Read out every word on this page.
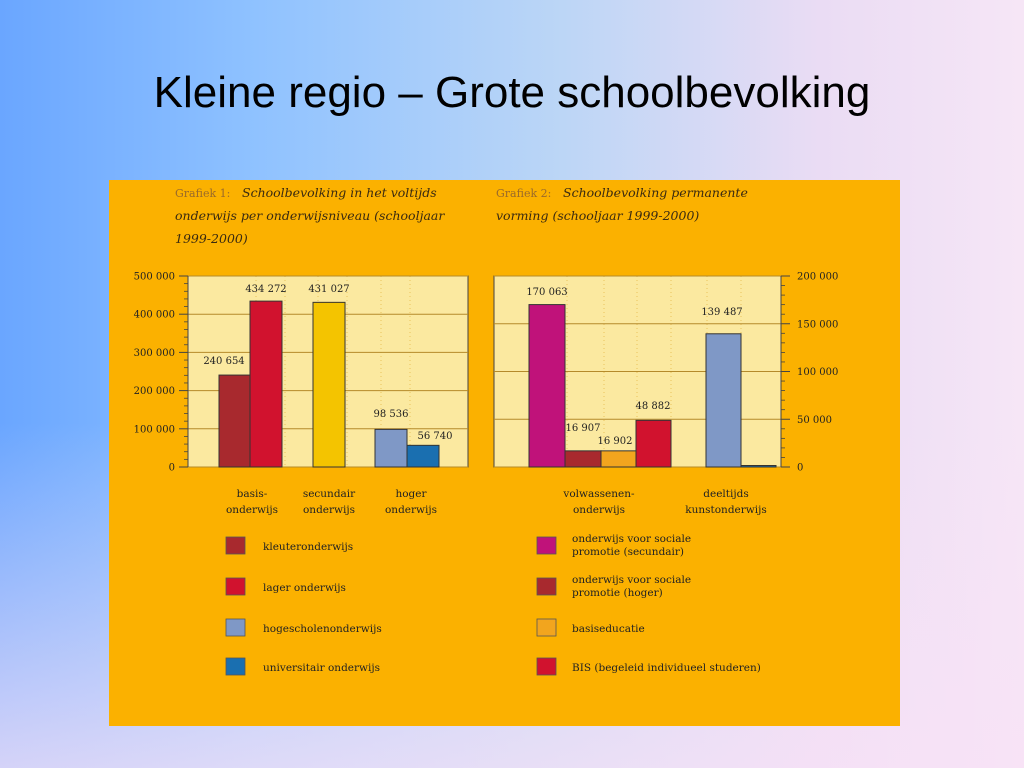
Kleine regio – Grote schoolbevolking
Grafiek 1: Schoolbevolking in het voltijds
onderwijs per onderwijsniveau (schooljaar
1999-2000)
0
100 000
200 000
300 000
400 000
500 000
240 654
434 272 431 027
98 536
56 740
basis-
onderwijs
secundair
onderwijs
hoger
onderwijs
kleuteronderwijs
lager onderwijs
hogescholenonderwijs
universitair onderwijs
Grafiek 2: Schoolbevolking permanente
vorming (schooljaar 1999-2000)
0
50 000
100 000
150 000
200 000
170 063
16 907
16 902
48 882
139 487
volwassenen-
onderwijs
deeltijds
kunstonderwijs
onderwijs voor sociale
promotie (secundair)
onderwijs voor sociale
promotie (hoger)
basiseducatie
BIS (begeleid individueel studeren)
